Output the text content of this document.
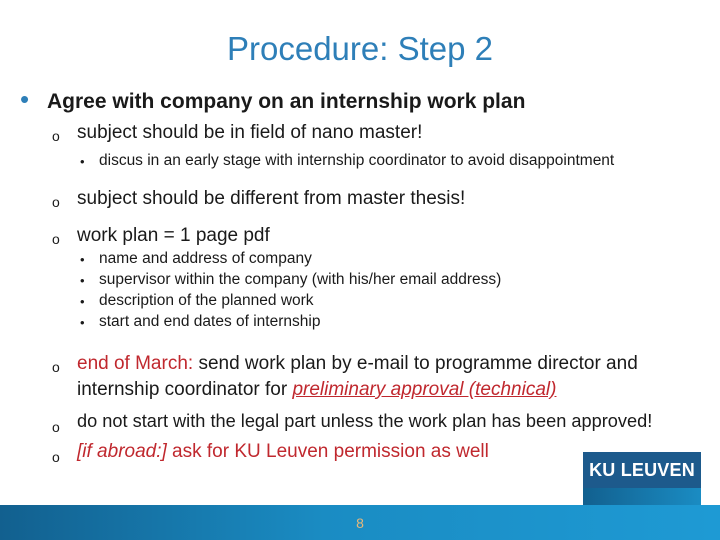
Procedure: Step 2
• Agree with company on an internship work plan
o subject should be in field of nano master!
• discus in an early stage with internship coordinator to avoid disappointment
o subject should be different from master thesis!
o work plan = 1 page pdf
• name and address of company
• supervisor within the company (with his/her email address)
• description of the planned work
• start and end dates of internship
o end of March: send work plan by e-mail to programme director and
internship coordinator for preliminary approval (technical)
o do not start with the legal part unless the work plan has been approved!
o [if abroad:] ask for KU Leuven permission as well
8
KU LEUVEN
